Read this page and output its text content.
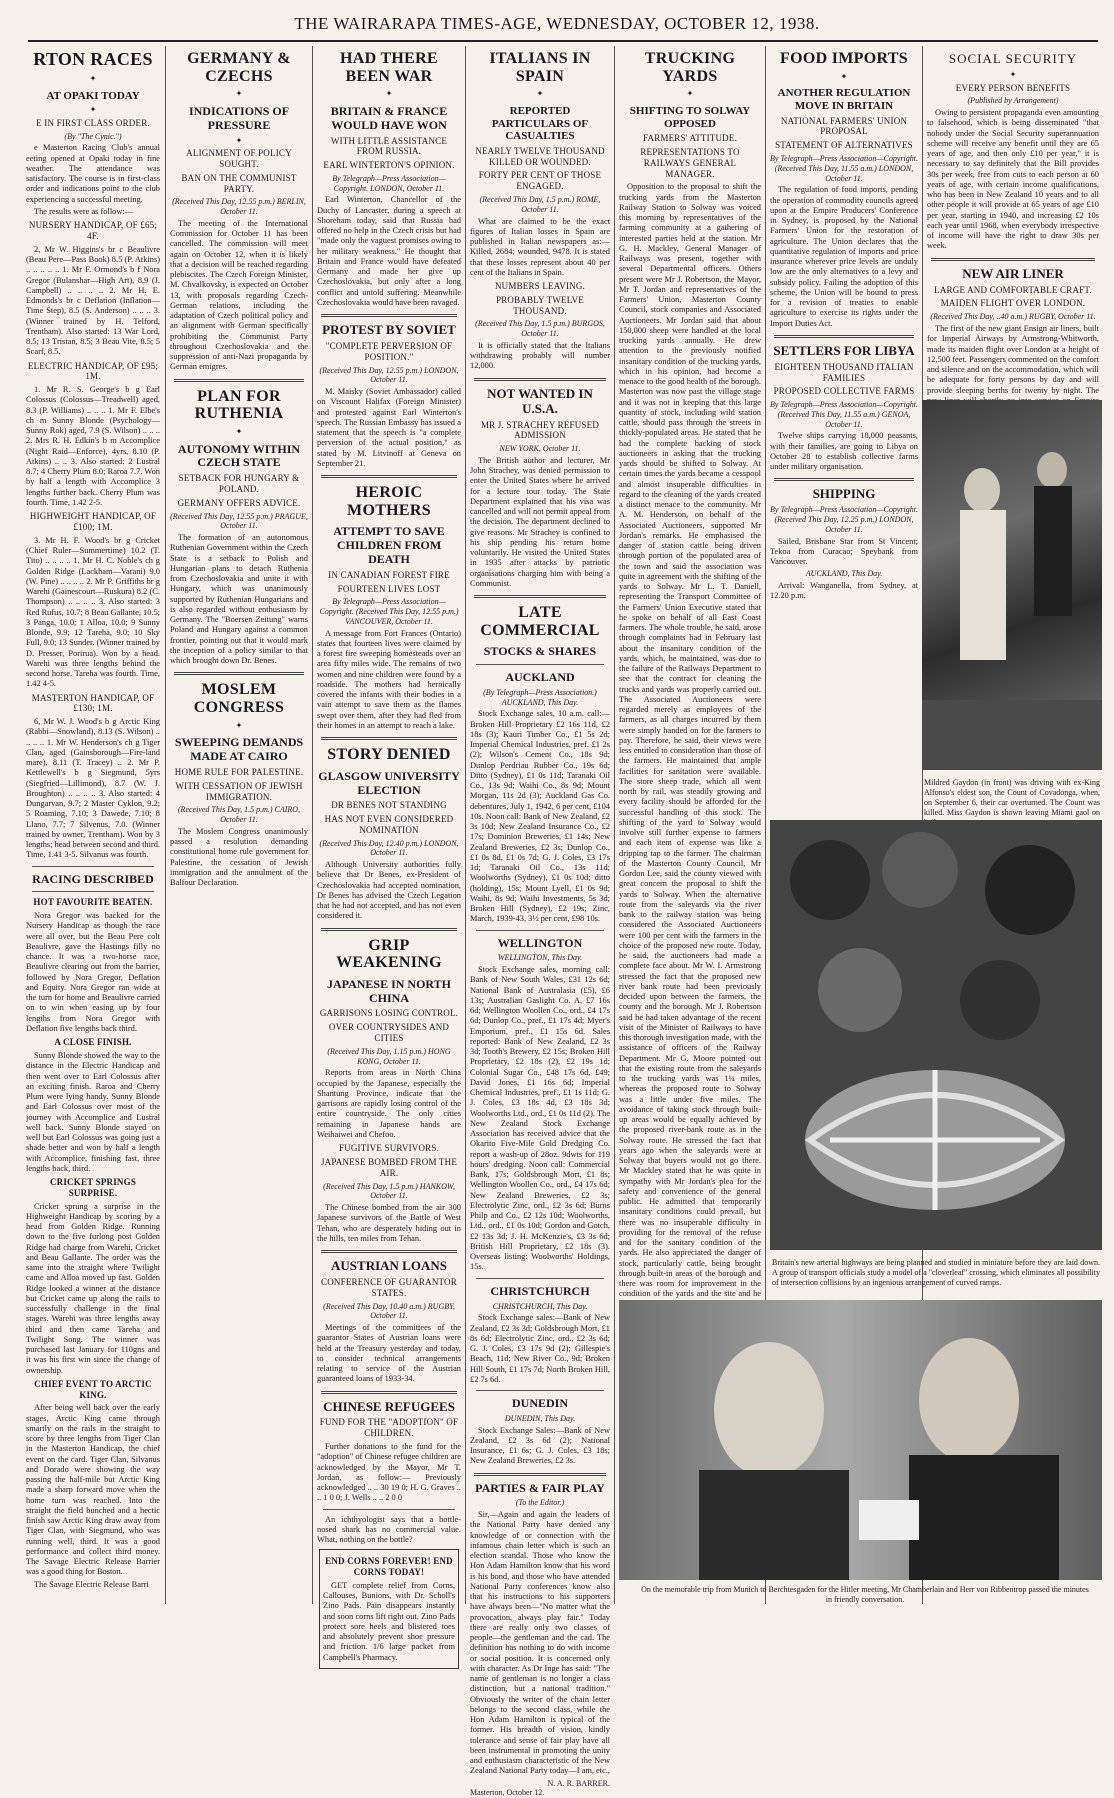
THE WAIRARAPA TIMES-AGE, WEDNESDAY, OCTOBER 12, 1938.
RTON RACES
✦
AT OPAKI TODAY
✦
E IN FIRST CLASS ORDER.
(By "The Cynic.")

e Masterton Racing Club's annual eeting opened at Opaki today in fine weather. The attendance was satisfactory. The course is in first-class order and indications point to the club experiencing a successful meeting.

The results were as follow:—

NURSERY HANDICAP, OF £65; 4F.

2, Mr W. Higgins's br c Beaulivre (Beau Pere—Pass Book) 8.5 (P. Atkins) .. .. .. .. .. 1. Mr F. Ormond's b f Nora Gregor (Bulanshar—High Art), 8.9 (J. Campbell) .. .. .. .. 2. Mr H. E. Edmonds's br c Deflation (Inflation—Time Step), 8.5 (S. Anderson) .. .. .. 3. (Winner trained by H. Telford, Trentham). Also started: 13 War Lord, 8.5; 13 Tristan, 8.5; 3 Beau Vite, 8.5; 5 Scarf, 8.5.

ELECTRIC HANDICAP, OF £95; 1M.

1. Mr R. S. George's b g Earl Colossus (Colossus—Treadwell) aged, 8.3 (P. Williams) .. .. .. 1. Mr F. Elbe's ch m Sunny Blonde (Psychology—Sunny Rok) aged, 7.9 (S. Wilson) .. .. .. 2. Mrs R. H. Edkin's b m Accomplice (Night Raid—Enforce), 4yrs, 8.10 (P. Atkins) .. .. 3. Also started: 2 Lustral 8.7; 4 Cherry Plum 8.0; Raroa 7.7. Won by half a length with Accomplice 3 lengths further back. Cherry Plum was fourth. Time, 1.42 2-5.

HIGHWEIGHT HANDICAP, OF £100; 1M.

3. Mr H. F. Wood's br g Cricket (Chief Ruler—Summertime) 10.2 (T. Tito) .. .. .. .. 1. Mr H. C. Noble's ch g Golden Ridge (Lackham—Varani) 9.0 (W. Pine) .. .. .. .. 2. Mr P. Griffiths br g Warehi (Gainescourt—Ruskura) 8.2 (C. Thompson) .. .. .. .. 3. Also started: 3 Red Rufus, 10.7; 8 Beau Gallante, 10.5; 3 Panga, 10.0; 1 Alloa, 10.0; 9 Sunny Blonde, 9.9; 12 Tareha, 9.0; 10 Sky Full, 9.0; 13 Sunder. (Winner trained by D. Presser, Porirua). Won by a head. Warehi was three lengths behind the second horse. Tareha was fourth. Time, 1.42 4-5.

MASTERTON HANDICAP, OF £130; 1M.

6, Mr W. J. Wood's b g Arctic King (Rabbi—Snowland), 8.13 (S. Wilson) .. .. .. .. 1. Mr W. Henderson's ch g Tiger Clan, aged (Gainsborough—Fire-land mare), 8.11 (T. Tracey) .. 2. Mr P. Kettlewell's b g Siegmund, 5yrs (Siegfried—Lillimond), 8.7 (W. J. Broughton) .. .. .. .. 3. Also started: 4 Dungarvan, 9.7; 2 Master Cyklon, 9.2; 5 Roaming, 7.10; 3 Dawede, 7.10; 8 Llano, 7.7; 7 Silvenus, 7.0. (Winner trained by owner, Trentham). Won by 3 lengths; head between second and third. Time, 1.41 3-5. Silvanus was fourth.

RACING DESCRIBED
HOT FAVOURITE BEATEN.

Nora Gregor was backed for the Nursery Handicap as though the race were all over, but the Beau Pere colt Beaulivre, gave the Hastings filly no chance. It was a two-horse race, Beaulivre clearing out from the barrier, followed by Nora Gregor, Deflation and Equity. Nora Gregor ran wide at the turn for home and Beaulivre carried on to win when easing up by four lengths from Nora Gregor with Deflation five lengths back third.

A CLOSE FINISH.

Sunny Blonde showed the way to the distance in the Electric Handicap and then went over to Earl Colossus after an exciting finish. Raroa and Cherry Plum were lying handy. Sunny Blonde and Earl Colossus over most of the journey with Accomplice and Lustral well back. Sunny Blonde stayed on well but Earl Colossus was going just a shade better and won by half a length with Accomplice, finishing fast, three lengths back, third.

CRICKET SPRINGS SURPRISE.

Cricket sprung a surprise in the Highweight Handicap by scoring by a head from Golden Ridge. Running down to the five furlong post Golden Ridge had charge from Warehi, Cricket and Beau Gallante. The order was the same into the straight where Twilight came and Alloa moved up fast. Golden Ridge looked a winner at the distance but Cricket came up along the rails to successfully challenge in the final stages. Warehi was three lengths away third and then came Tareha and Twilight Song. The winner was purchased last January for 110gns and it was his first win since the change of ownership.

CHIEF EVENT TO ARCTIC KING.

After being well back over the early stages, Arctic King came through smartly on the rails in the straight to score by three lengths from Tiger Clan in the Masterton Handicap, the chief event on the card. Tiger Clan, Silvanus and Dorado were showing the way passing the half-mile but Arctic King made a sharp forward move when the home turn was reached. Into the straight the field bunched and a hectic finish saw Arctic King draw away from Tiger Clan, with Siegmund, who was running well, third. It was a good performance and collect third money. The Savage Electric Release Barrier was a good thing for Boston.

The Savage Electric Release Barri

GERMANY & CZECHS
✦
INDICATIONS OF PRESSURE
✦
ALIGNMENT OF POLICY SOUGHT.
BAN ON THE COMMUNIST PARTY.
(Received This Day, 12.55 p.m.) BERLIN, October 11.

The meeting of the International Commission for October 11 has been cancelled. The commission will meet again on October 12, when it is likely that a decision will be reached regarding plebiscites. The Czech Foreign Minister, M. Chvalkovsky, is expected on October 13, with proposals regarding Czech-German relations, including the adaptation of Czech political policy and an alignment with German specifically prohibiting the Communist Party throughout Czechoslovakia and the suppression of anti-Nazi propaganda by German emigres.

PLAN FOR RUTHENIA
✦
AUTONOMY WITHIN CZECH STATE
SETBACK FOR HUNGARY & POLAND.
GERMANY OFFERS ADVICE.
(Received This Day, 12.55 p.m.) PRAGUE, October 11.

The formation of an autonomous Ruthenian Government within the Czech State is a setback to Polish and Hungarian plans to detach Ruthenia from Czechoslovakia and unite it with Hungary, which was unanimously supported by Ruthenian Hungarians and is also regarded without enthusiasm by Germany. The "Boersen Zeitung" warns Poland and Hungary against a common frontier, pointing out that it would mark the inception of a policy similar to that which brought down Dr. Benes.

MOSLEM CONGRESS
✦
SWEEPING DEMANDS MADE AT CAIRO
HOME RULE FOR PALESTINE.
WITH CESSATION OF JEWISH IMMIGRATION.
(Received This Day, 1.5 p.m.) CAIRO, October 11.

The Moslem Congress unanimously passed a resolution demanding constitutional home rule government for Palestine, the cessation of Jewish immigration and the annulment of the Balfour Declaration.

HAD THERE BEEN WAR
✦
BRITAIN & FRANCE WOULD HAVE WON
WITH LITTLE ASSISTANCE FROM RUSSIA.
EARL WINTERTON'S OPINION.
By Telegraph—Press Association—Copyright. LONDON, October 11.

Earl Winterton, Chancellor of the Duchy of Lancaster, during a speech at Shoreham today, said that Russia had offered no help in the Czech crisis but had "made only the vaguest promises owing to her military weakness." He thought that Britain and France would have defeated Germany and made her give up Czechoslovakia, but only after a long conflict and untold suffering. Meanwhile Czechoslovakia would have been ravaged.

PROTEST BY SOVIET
"COMPLETE PERVERSION OF POSITION."
(Received This Day, 12.55 p.m.) LONDON, October 11.

M. Maisky (Soviet Ambassador) called on Viscount Halifax (Foreign Minister) and protested against Earl Winterton's speech. The Russian Embassy has issued a statement that the speech is "a complete perversion of the actual position," as stated by M. Litvinoff at Geneva on September 21.

HEROIC MOTHERS
ATTEMPT TO SAVE CHILDREN FROM DEATH
IN CANADIAN FOREST FIRE
FOURTEEN LIVES LOST
By Telegraph—Press Association—Copyright. (Received This Day, 12.55 p.m.) VANCOUVER, October 11.

A message from Fort Frances (Ontario) states that fourteen lives were claimed by a forest fire sweeping homesteads over an area fifty miles wide. The remains of two women and nine children were found by a roadside. The mothers had heroically covered the infants with their bodies in a vain attempt to save them as the flames swept over them, after they had fled from their homes in an attempt to reach a lake.

STORY DENIED
GLASGOW UNIVERSITY ELECTION
DR BENES NOT STANDING
HAS NOT EVEN CONSIDERED NOMINATION
(Received This Day, 12.40 p.m.) LONDON, October 11.

Although University authorities fully believe that Dr Benes, ex-President of Czechoslovakia had accepted nomination, Dr Benes has advised the Czech Legation that he had not accepted, and has not even considered it.

GRIP WEAKENING
JAPANESE IN NORTH CHINA
GARRISONS LOSING CONTROL.
OVER COUNTRYSIDES AND CITIES
(Received This Day, 1.15 p.m.) HONG KONG, October 11.

Reports from areas in North China occupied by the Japanese, especially the Shantung Province, indicate that the garrisons are rapidly losing control of the entire countryside. The only cities remaining in Japanese hands are Weihaiwei and Chefoo.

FUGITIVE SURVIVORS.
JAPANESE BOMBED FROM THE AIR.
(Received This Day, 1.5 p.m.) HANKOW, October 11.

The Chinese bombed from the air 300 Japanese survivors of the Battle of West Tehan, who are desperately hiding out in the hills, ten miles from Tehan.

AUSTRIAN LOANS
CONFERENCE OF GUARANTOR STATES.
(Received This Day, 10.40 a.m.) RUGBY, October 11.

Meetings of the committees of the guarantor States of Austrian loans were held at the Treasury yesterday and today, to consider technical arrangements relating to service of the Austrian guaranteed loans of 1933-34.

CHINESE REFUGEES
FUND FOR THE "ADOPTION" OF CHILDREN.

Further donations to the fund for the "adoption" of Chinese refugee children are acknowledged by the Mayor, Mr T. Jordan, as follow:— Previously acknowledged .. .. 30 19 0; H. G. Graves .. .. 1 0 0; J. Wells .. .. 2 0 0

An ichthyologist says that a bottle-nosed shark has no commercial value. What, nothing on the bottle?

END CORNS FOREVER! END CORNS TODAY!

GET complete relief from Corns, Callouses, Bunions, with Dr. Scholl's Zino Pads. Pain disappears instantly and soon corns lift right out. Zino Pads protect sore heels and blistered toes and absolutely prevent shoe pressure and friction. 1/6 large packet from Campbell's Pharmacy.

ITALIANS IN SPAIN
✦
REPORTED PARTICULARS OF CASUALTIES
NEARLY TWELVE THOUSAND KILLED OR WOUNDED.
FORTY PER CENT OF THOSE ENGAGED.
(Received This Day, 1.5 p.m.) ROME, October 11.

What are claimed to be the exact figures of Italian losses in Spain are published in Italian newspapers as:— Killed, 2684; wounded, 9478. It is stated that these losses represent about 40 per cent of the Italians in Spain.

NUMBERS LEAVING.
PROBABLY TWELVE THOUSAND.
(Received This Day, 1.5 p.m.) BURGOS, October 11.

It is officially stated that the Italians withdrawing probably will number 12,000.

NOT WANTED IN U.S.A.
MR J. STRACHEY REFUSED ADMISSION
NEW YORK, October 11.

The British author and lecturer, Mr John Strachey, was denied permission to enter the United States where he arrived for a lecture tour today. The State Department explained that his visa was cancelled and will not permit appeal from the decision. The department declined to give reasons. Mr Strachey is confined to his ship pending his return home voluntarily. He visited the United States in 1935 after attacks by patriotic organisations charging him with being a Communist.

LATE COMMERCIAL
STOCKS & SHARES
AUCKLAND
(By Telegraph—Press Association.) AUCKLAND, This Day.

Stock Exchange sales, 10 a.m. call:—Broken Hill Proprietary £2 16s 11d, £2 18s (3); Kauri Timber Co., £1 5s 2d; Imperial Chemical Industries, pref. £1 2s (2); Wilson's Cement Co., 18s 9d; Dunlop Perdriau Rubber Co., 19s 6d; Ditto (Sydney), £1 0s 11d; Taranaki Oil Co., 13s 9d; Waihi Co., 8s 9d; Mount Morgan, 11s 2d (3); Auckland Gas Co. debentures, July 1, 1942, 6 per cent, £104 10s. Noon call: Bank of New Zealand, £2 3s 10d; New Zealand Insurance Co., £2 17s; Dominion Breweries, £1 14s; New Zealand Breweries, £2 3s; Dunlop Co., £1 0s 8d, £1 0s 7d; G. J. Coles, £3 17s 1d; Taranaki Oil Co., 13s 11d; Woolworths (Sydney), £1 0s 10d; ditto (holding), 15s; Mount Lyell, £1 0s 9d; Waihi, 8s 9d; Waihi Investments, 5s 3d; Broken Hill (Sydney), £2 19s; Zinc, March, 1939-43, 3½ per cent, £98 10s.

WELLINGTON
WELLINGTON, This Day.

Stock Exchange sales, morning call: Bank of New South Wales, £31 12s 6d; National Bank of Australasia (£5), £6 13s; Australian Gaslight Co. A, £7 16s 6d; Wellington Woollen Co., ord., £4 17s 6d; Dunlop Co., pref., £1 17s 4d; Myer's Emporium, pref., £1 15s 6d. Sales reported: Bank of New Zealand, £2 3s 3d; Tooth's Brewery, £2 15s; Broken Hill Proprietary, £2 18s (2), £2 19s 1d; Colonial Sugar Co., £48 17s 6d, £49; David Jones, £1 16s 6d; Imperial Chemical Industries, pref., £1 1s 11d; G. J. Coles, £3 18s 4d, £3 18s 3d; Woolworths Ltd., ord., £1 0s 11d (2). The New Zealand Stock Exchange Association has received advice that the Okarito Five-Mile Gold Dredging Co. report a wash-up of 28oz. 9dwts for 119 hours' dredging. Noon call: Commercial Bank, 17s; Goldsbrough Mort, £1 8s; Wellington Woollen Co., ord., £4 17s 6d; New Zealand Breweries, £2 3s; Electrolytic Zinc, ord., £2 3s 6d; Burns Philp and Co., £2 12s 10d; Woolworths, Ltd., ord., £1 0s 10d; Gordon and Gotch, £2 13s 3d; J. H. McKenzie's, £3 3s 6d; British Hill Proprietary, £2 18s (3). Overseas listing: Woolworths' Holdings, 15s.

CHRISTCHURCH
CHRISTCHURCH, This Day.

Stock Exchange sales:—Bank of New Zealand, £2 3s 3d; Goldsbrough Mort, £1 8s 6d; Electrolytic Zinc, ord., £2 3s 6d; G. J. Coles, £3 17s 9d (2); Gillespie's Beach, 11d; New River Co., 9d; Broken Hill South, £1 17s 7d; North Broken Hill, £2 7s 6d.

DUNEDIN
DUNEDIN, This Day.

Stock Exchange Sales:—Bank of New Zealand, £2 3s 6d (2); National Insurance, £1 6s; G. J. Coles, £3 18s; New Zealand Breweries, £2 3s.

PARTIES & FAIR PLAY
(To the Editor.)

Sir,—Again and again the leaders of the National Party have denied any knowledge of or connection with the infamous chain letter which is such an election scandal. Those who know the Hon Adam Hamilton know that his word is his bond, and those who have attended National Party conferences know also that his instructions to his supporters have always been—"No matter what the provocation, always play fair." Today there are really only two classes of people—the gentleman and the cad. The definition has nothing to do with income or social position. It is concerned only with character. As Dr Inge has said: "The name of gentleman is no longer a class distinction, but a national tradition." Obviously the writer of the chain letter belongs to the second class, while the Hon Adam Hamilton is typical of the former. His breadth of vision, kindly tolerance and sense of fair play have all been instrumental in promoting the unity and enthusiasm characteristic of the New Zealand National Party today—I am, etc.,

N. A. R. BARRER.
Masterton, October 12.
TRUCKING YARDS
✦
SHIFTING TO SOLWAY OPPOSED
FARMERS' ATTITUDE.
REPRESENTATIONS TO RAILWAYS GENERAL MANAGER.

Opposition to the proposal to shift the trucking yards from the Masterton Railway Station to Solway was voiced this morning by representatives of the farming community at a gathering of interested parties held at the station. Mr G. H. Mackley, General Manager of Railways was present, together with several Departmental officers. Others present were Mr J. Robertson, the Mayor, Mr T. Jordan and representatives of the Farmers' Union, Masterton County Council, stock companies and Associated Auctioneers. Mr Jordan said that about 150,000 sheep were handled at the local trucking yards annually. He drew attention to the previously notified insanitary condition of the trucking yards, which in his opinion, had become a menace to the good health of the borough. Masterton was now past the village stage and it was not in keeping that this large quantity of stock, including wild station cattle, should pass through the streets in thickly-populated areas. He stated that he had the complete backing of stock auctioneers in asking that the trucking yards should be shifted to Solway. At certain times the yards became a cesspool and almost insuperable difficulties in regard to the cleaning of the yards created a distinct menace to the community. Mr A. M. Henderson, on behalf of the Associated Auctioneers, supported Mr Jordan's remarks. He emphasised the danger of station cattle being driven through portion of the populated area of the town and said the association was quite in agreement with the shifting of the yards to Solway. Mr L. T. Daniell, representing the Transport Committee of the Farmers' Union Executive stated that he spoke on behalf of all East Coast farmers. The whole trouble, he said, arose through complaints had in February last about the insanitary condition of the yards, which, he maintained, was due to the failure of the Railways Department to see that the contract for cleaning the trucks and yards was properly carried out. The Associated Auctioneers were regarded merely as employees of the farmers, as all charges incurred by them were simply handed on for the farmers to pay. Therefore, he said, their views were less entitled to consideration than those of the farmers. He maintained that ample facilities for sanitation were available. The store sheep trade, which all went north by rail, was steadily growing and every facility should be afforded for the successful handling of this stock. The shifting of the yard to Solway would involve still further expense to farmers and each item of expense was like a dripping tap to the farmer. The chairman of the Masterton County Council, Mr Gordon Lee, said the county viewed with great concern the proposal to shift the yards to Solway. When the alternative route from the saleyards via the river bank to the railway station was being considered the Associated Auctioneers were 100 per cent with the farmers in the choice of the proposed new route. Today, he said, the auctioneers had made a complete face about. Mr W. I. Armstrong stressed the fact that the proposed new river bank route had been previously decided upon between the farmers, the county and the borough. Mr J. Robertson said he had taken advantage of the recent visit of the Minister of Railways to have this thorough investigation made, with the assistance of officers of the Railway Department. Mr G. Moore pointed out that the existing route from the saleyards to the trucking yards was 1¼ miles, whereas the proposed route to Solway was a little under five miles. The avoidance of taking stock through built-up areas would be equally achieved by the proposed river-bank route as in the Solway route. He stressed the fact that years ago when the saleyards were at Solway that buyers would not go there. Mr Mackley stated that he was quite in sympathy with Mr Jordan's plea for the safety and convenience of the general public. He admitted that temporarily insanitary conditions could prevail, but there was no insuperable difficulty in providing for the removal of the refuse and for the sanitary condition of the yards. He also appreciated the danger of stock, particularly cattle, being brought through built-in areas of the borough and there was room for improvement in the condition of the yards and the site and he

FOOD IMPORTS
✦
ANOTHER REGULATION MOVE IN BRITAIN
NATIONAL FARMERS' UNION PROPOSAL
STATEMENT OF ALTERNATIVES
By Telegraph—Press Association—Copyright. (Received This Day, 11.55 a.m.) LONDON, October 11.

The regulation of food imports, pending the operation of commodity councils agreed upon at the Empire Producers' Conference in Sydney, is proposed by the National Farmers' Union for the restoration of agriculture. The Union declares that the quantitative regulation of imports and price insurance wherever price levels are unduly low are the only alternatives to a levy and subsidy policy. Failing the adoption of this scheme, the Union will be bound to press for a revision of treaties to enable agriculture to exercise its rights under the Import Duties Act.

SETTLERS FOR LIBYA
EIGHTEEN THOUSAND ITALIAN FAMILIES
PROPOSED COLLECTIVE FARMS
By Telegraph—Press Association—Copyright. (Received This Day, 11.55 a.m.) GENOA, October 11.

Twelve ships carrying 18,000 peasants, with their families, are going to Libya on October 28 to establish collective farms under military organisation.

SHIPPING
By Telegraph—Press Association—Copyright. (Received This Day, 12.25 p.m.) LONDON, October 11.

Sailed, Brisbane Star from St Vincent; Tekoa from Curacao; Speybank from Vancouver.

AUCKLAND, This Day.

Arrival: Wanganella, from Sydney, at 12.20 p.m.

SOCIAL SECURITY
✦
EVERY PERSON BENEFITS
(Published by Arrangement)

Owing to persistent propaganda even amounting to falsehood, which is being disseminated "that nobody under the Social Security superannuation scheme will receive any benefit until they are 65 years of age, and then only £10 per year," it is necessary to say definitely that the Bill provides 30s per week, free from cuts to each person at 60 years of age, with certain income qualifications, who has been in New Zealand 10 years and to all other people it will provide at 65 years of age £10 per year, starting in 1940, and increasing £2 10s each year until 1968, when everybody irrespective of income will have the right to draw 30s per week.

NEW AIR LINER
LARGE AND COMFORTABLE CRAFT.
MAIDEN FLIGHT OVER LONDON.
(Received This Day, ..40 a.m.) RUGBY, October 11.

The first of the new giant Ensign air liners, built for Imperial Airways by Armstrong-Whitworth, made its maiden flight over London at a height of 12,500 feet. Passengers commented on the comfort and silence and on the accommodation, which will be adequate for forty persons by day and will provide sleeping berths for twenty by night. The

Mildred Gaydon (in front) was driving with ex-King Alfonso's eldest son, the Count of Covadonga, when, on September 6, their car overturned. The Count was killed. Miss Gaydon is shown leaving Miami gaol on
Britain's new arterial highways are being planned and studied in miniature before they are laid down. A group of transport officials study a model of a "cloverleaf" crossing, which eliminates all possibility of intersection collisions by an ingenious arrangement of curved ramps.
On the memorable trip from Munich to Berchtesgaden for the Hitler meeting, Mr Chamberlain and Herr von Ribbentrop passed the minutes in friendly conversation.
